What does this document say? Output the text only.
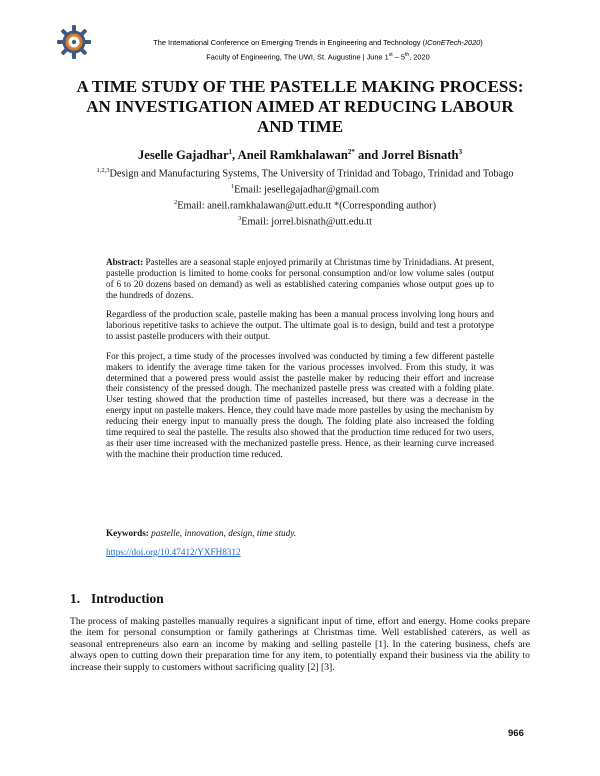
The International Conference on Emerging Trends in Engineering and Technology (IConETech-2020)
Faculty of Engineering, The UWI, St. Augustine | June 1st – 5th, 2020
A TIME STUDY OF THE PASTELLE MAKING PROCESS: AN INVESTIGATION AIMED AT REDUCING LABOUR AND TIME

Jeselle Gajadhar$^1$, Aneil Ramkhalawan$^{2*}$ and Jorrel Bisnath$^3$

$^{1,2,3}$Design and Manufacturing Systems, The University of Trinidad and Tobago, Trinidad and Tobago
$^1$Email: jesellegajadhar@gmail.com
$^2$Email: aneil.ramkhalawan@utt.edu.tt *(Corresponding author)
$^3$Email: jorrel.bisnath@utt.edu.tt

Abstract: Pastelles are a seasonal staple enjoyed primarily at Christmas time by Trinidadians. At present, pastelle production is limited to home cooks for personal consumption and/or low volume sales (output of 6 to 20 dozens based on demand) as well as established catering companies whose output goes up to the hundreds of dozens.

Regardless of the production scale, pastelle making has been a manual process involving long hours and laborious repetitive tasks to achieve the output. The ultimate goal is to design, build and test a prototype to assist pastelle producers with their output.

For this project, a time study of the processes involved was conducted by timing a few different pastelle makers to identify the average time taken for the various processes involved. From this study, it was determined that a powered press would assist the pastelle maker by reducing their effort and increase their consistency of the pressed dough. The mechanized pastelle press was created with a folding plate. User testing showed that the production time of pastelles increased, but there was a decrease in the energy input on pastelle makers. Hence, they could have made more pastelles by using the mechanism by reducing their energy input to manually press the dough. The folding plate also increased the folding time required to seal the pastelle. The results also showed that the production time reduced for two users, as their user time increased with the mechanized pastelle press. Hence, as their learning curve increased with the machine their production time reduced.

Keywords: pastelle, innovation, design, time study.
https://doi.org/10.47412/YXFH8312
1. Introduction

The process of making pastelles manually requires a significant input of time, effort and energy. Home cooks prepare the item for personal consumption or family gatherings at Christmas time. Well established caterers, as well as seasonal entrepreneurs also earn an income by making and selling pastelle [1]. In the catering business, chefs are always open to cutting down their preparation time for any item, to potentially expand their business via the ability to increase their supply to customers without sacrificing quality [2] [3].

966
